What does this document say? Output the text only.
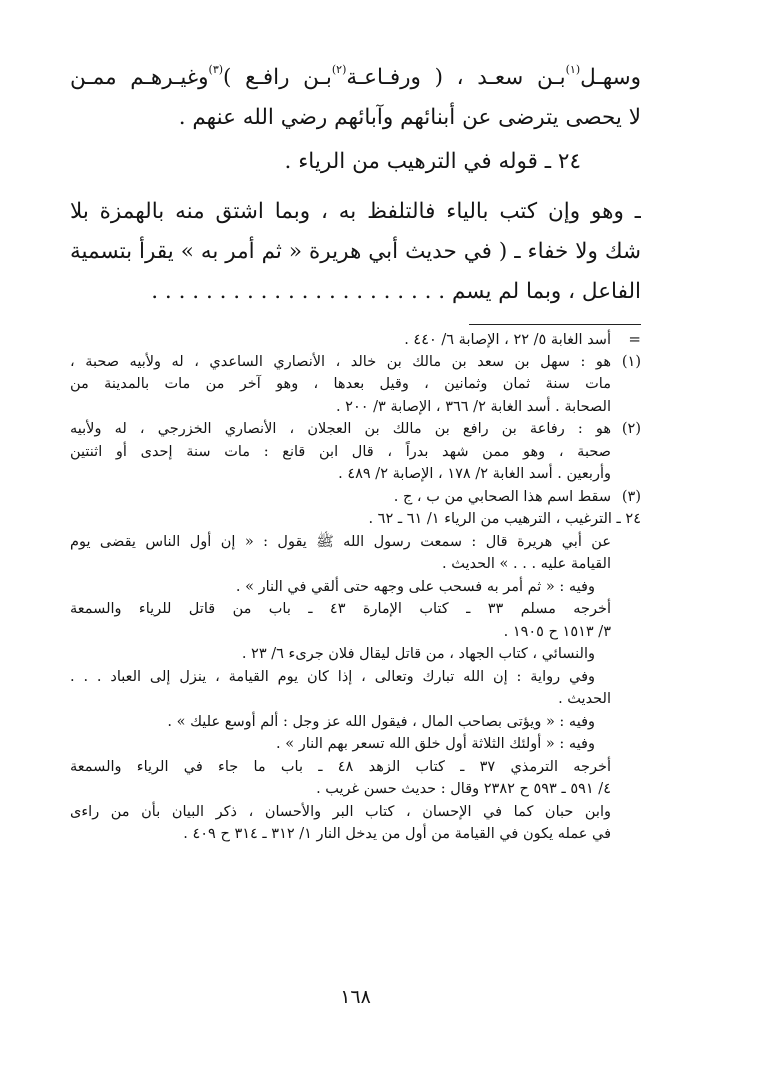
وسهـل$^{(١)}$بـن سعـد ، ( ورفـاعـة$^{(٢)}$بـن رافـع )$^{(٣)}$وغيـرهـم ممـن
لا يحصى يترضى عن أبنائهم وآبائهم رضي الله عنهم .
٢٤ ـ قوله في الترهيب من الرياء .
ـ وهو وإن كتب بالياء فالتلفظ به ، وبما اشتق منه بالهمزة بلا
شك ولا خفاء ـ ( في حديث أبي هريرة « ثم أمر به » يقرأ بتسمية
الفاعل ، وبما لم يسم . . . . . . . . . . . . . . . . . . . . . .
=أسد الغابة ٥/ ٢٢ ، الإصابة ٦/ ٤٤٠ .
(١)
هو : سهل بن سعد بن مالك بن خالد ، الأنصاري الساعدي ، له ولأبيه صحبة ،
مات سنة ثمان وثمانين ، وقيل بعدها ، وهو آخر من مات بالمدينة من
الصحابة . أسد الغابة ٢/ ٣٦٦ ، الإصابة ٣/ ٢٠٠ .
(٢)
هو : رفاعة بن رافع بن مالك بن العجلان ، الأنصاري الخزرجي ، له ولأبيه
صحبة ، وهو ممن شهد بدراً ، قال ابن قانع : مات سنة إحدى أو اثنتين
وأربعين . أسد الغابة ٢/ ١٧٨ ، الإصابة ٢/ ٤٨٩ .
(٣)
سقط اسم هذا الصحابي من ب ، ج .
٢٤ ـ الترغيب ، الترهيب من الرياء ١/ ٦١ ـ ٦٢ .
عن أبي هريرة قال : سمعت رسول الله ﷺ يقول : « إن أول الناس يقضى يوم
القيامة عليه . . . » الحديث .
وفيه : « ثم أمر به فسحب على وجهه حتى ألقي في النار » .
أخرجه مسلم ٣٣ ـ كتاب الإمارة ٤٣ ـ باب من قاتل للرياء والسمعة
٣/ ١٥١٣ ح ١٩٠٥ .
والنسائي ، كتاب الجهاد ، من قاتل ليقال فلان جرىء ٦/ ٢٣ .
وفي رواية : إن الله تبارك وتعالى ، إذا كان يوم القيامة ، ينزل إلى العباد . . .
الحديث .
وفيه : « ويؤتى بصاحب المال ، فيقول الله عز وجل : ألم أوسع عليك » .
وفيه : « أولئك الثلاثة أول خلق الله تسعر بهم النار » .
أخرجه الترمذي ٣٧ ـ كتاب الزهد ٤٨ ـ باب ما جاء في الرياء والسمعة
٤/ ٥٩١ ـ ٥٩٣ ح ٢٣٨٢ وقال : حديث حسن غريب .
وابن حبان كما في الإحسان ، كتاب البر والأحسان ، ذكر البيان بأن من راءى
في عمله يكون في القيامة من أول من يدخل النار ١/ ٣١٢ ـ ٣١٤ ح ٤٠٩ .
١٦٨
